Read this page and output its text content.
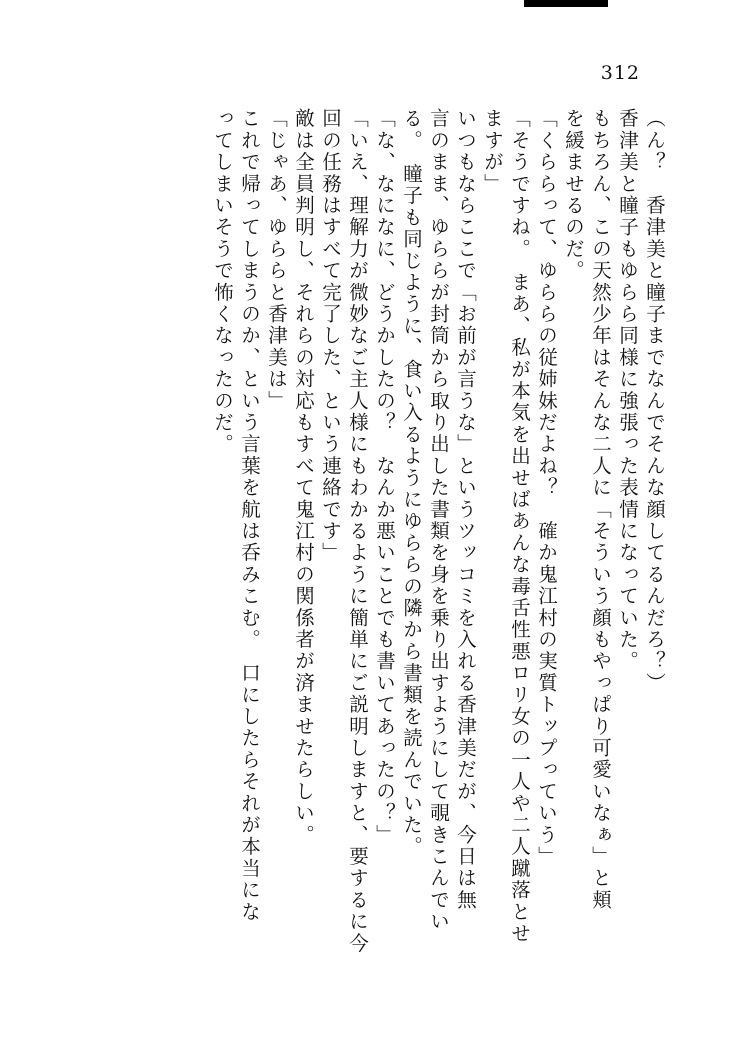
312
（ん？　香津美と瞳子までなんでそんな顔してるんだろ？）
香津美と瞳子もゆらら同様に強張った表情になっていた。
もちろん、この天然少年はそんな二人に「そういう顔もやっぱり可愛いなぁ」と頬
を緩ませるのだ。
「くららって、ゆららの従姉妹だよね？　確か鬼江村の実質トップっていう」
「そうですね。　まあ、私が本気を出せばあんな毒舌性悪ロリ女の一人や二人蹴落とせ
ますが」
いつもならここで「お前が言うな」というツッコミを入れる香津美だが、今日は無
言のまま、ゆららが封筒から取り出した書類を身を乗り出すようにして覗きこんでい
る。　瞳子も同じように、食い入るようにゆららの隣から書類を読んでいた。
「な、なになに、どうかしたの？　なんか悪いことでも書いてあったの？」
「いえ、理解力が微妙なご主人様にもわかるように簡単にご説明しますと、要するに今
回の任務はすべて完了した、という連絡です」
敵は全員判明し、それらの対応もすべて鬼江村の関係者が済ませたらしい。
「じゃあ、ゆららと香津美は」
これで帰ってしまうのか、という言葉を航は呑みこむ。　口にしたらそれが本当にな
ってしまいそうで怖くなったのだ。
